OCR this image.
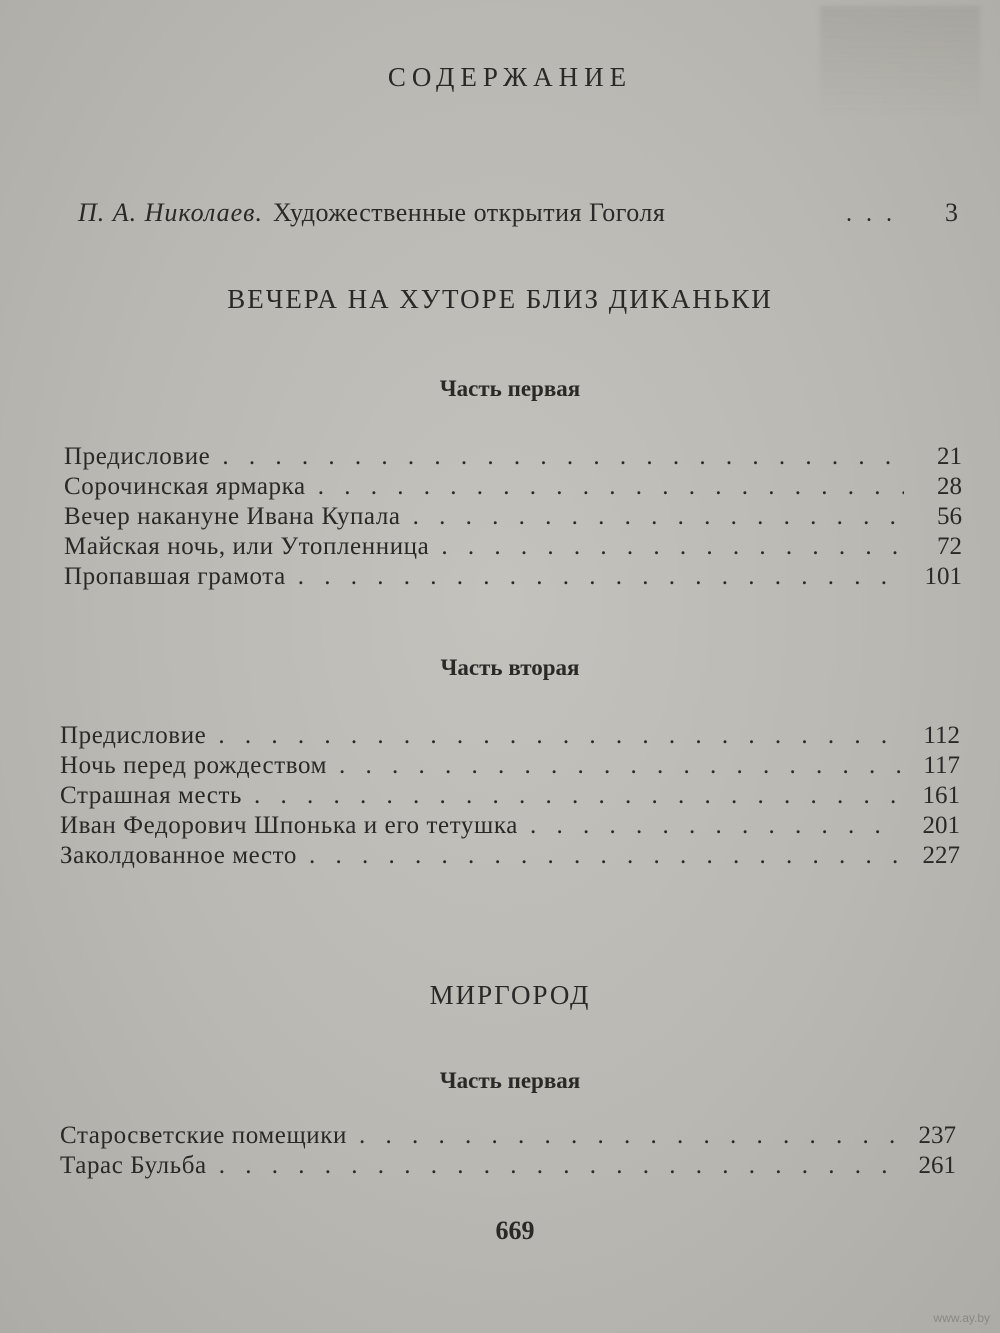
СОДЕРЖАНИЕ
П. А. Николаев. Художественные открытия Гоголя	...	3
ВЕЧЕРА НА ХУТОРЕ БЛИЗ ДИКАНЬКИ
Часть первая
Предисловие . . .	21
Сорочинская ярмарка . . .	28
Вечер накануне Ивана Купала . . .	56
Майская ночь, или Утопленница . . .	72
Пропавшая грамота . . .	101
Часть вторая
Предисловие . . .	112
Ночь перед рождеством . . .	117
Страшная месть . . .	161
Иван Федорович Шпонька и его тетушка . . .	201
Заколдованное место . . .	227
МИРГОРОД
Часть первая
Старосветские помещики . . .	237
Тарас Бульба . . .	261
669
www.ay.by
